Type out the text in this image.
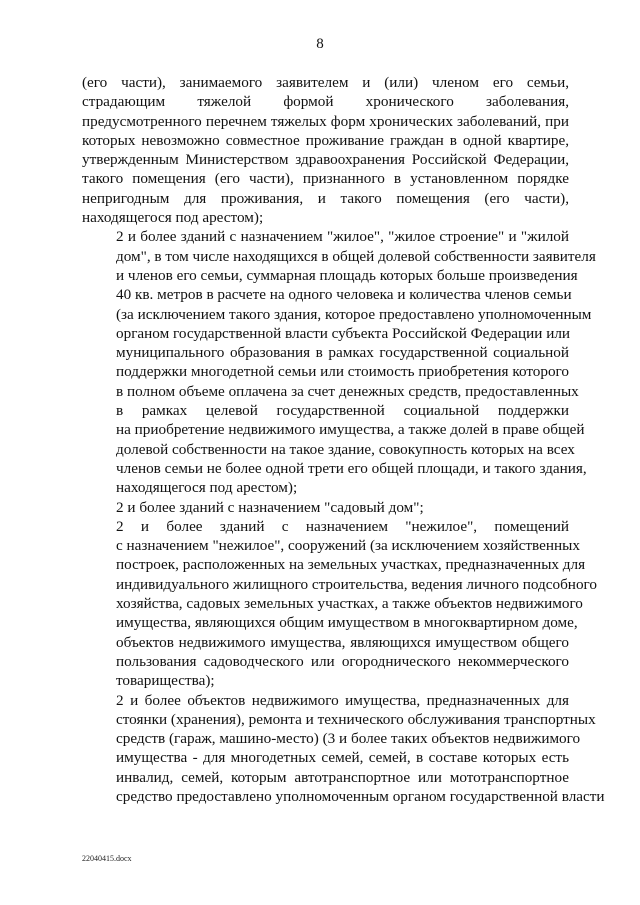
8

(его части), занимаемого заявителем и (или) членом его семьи,
страдающим тяжелой формой хронического заболевания,
предусмотренного перечнем тяжелых форм хронических заболеваний, при
которых невозможно совместное проживание граждан в одной квартире,
утвержденным Министерством здравоохранения Российской Федерации,
такого помещения (его части), признанного в установленном порядке
непригодным для проживания, и такого помещения (его части),
находящегося под арестом);

2 и более зданий с назначением "жилое", "жилое строение" и "жилой
дом", в том числе находящихся в общей долевой собственности заявителя
и членов его семьи, суммарная площадь которых больше произведения
40 кв. метров в расчете на одного человека и количества членов семьи
(за исключением такого здания, которое предоставлено уполномоченным
органом государственной власти субъекта Российской Федерации или
муниципального образования в рамках государственной социальной
поддержки многодетной семьи или стоимость приобретения которого
в полном объеме оплачена за счет денежных средств, предоставленных
в рамках целевой государственной социальной поддержки
на приобретение недвижимого имущества, а также долей в праве общей
долевой собственности на такое здание, совокупность которых на всех
членов семьи не более одной трети его общей площади, и такого здания,
находящегося под арестом);

2 и более зданий с назначением "садовый дом";

2 и более зданий с назначением "нежилое", помещений
с назначением "нежилое", сооружений (за исключением хозяйственных
построек, расположенных на земельных участках, предназначенных для
индивидуального жилищного строительства, ведения личного подсобного
хозяйства, садовых земельных участках, а также объектов недвижимого
имущества, являющихся общим имуществом в многоквартирном доме,
объектов недвижимого имущества, являющихся имуществом общего
пользования садоводческого или огороднического некоммерческого
товарищества);

2 и более объектов недвижимого имущества, предназначенных для
стоянки (хранения), ремонта и технического обслуживания транспортных
средств (гараж, машино-место) (3 и более таких объектов недвижимого
имущества - для многодетных семей, семей, в составе которых есть
инвалид, семей, которым автотранспортное или мототранспортное
средство предоставлено уполномоченным органом государственной власти

22040415.docx
